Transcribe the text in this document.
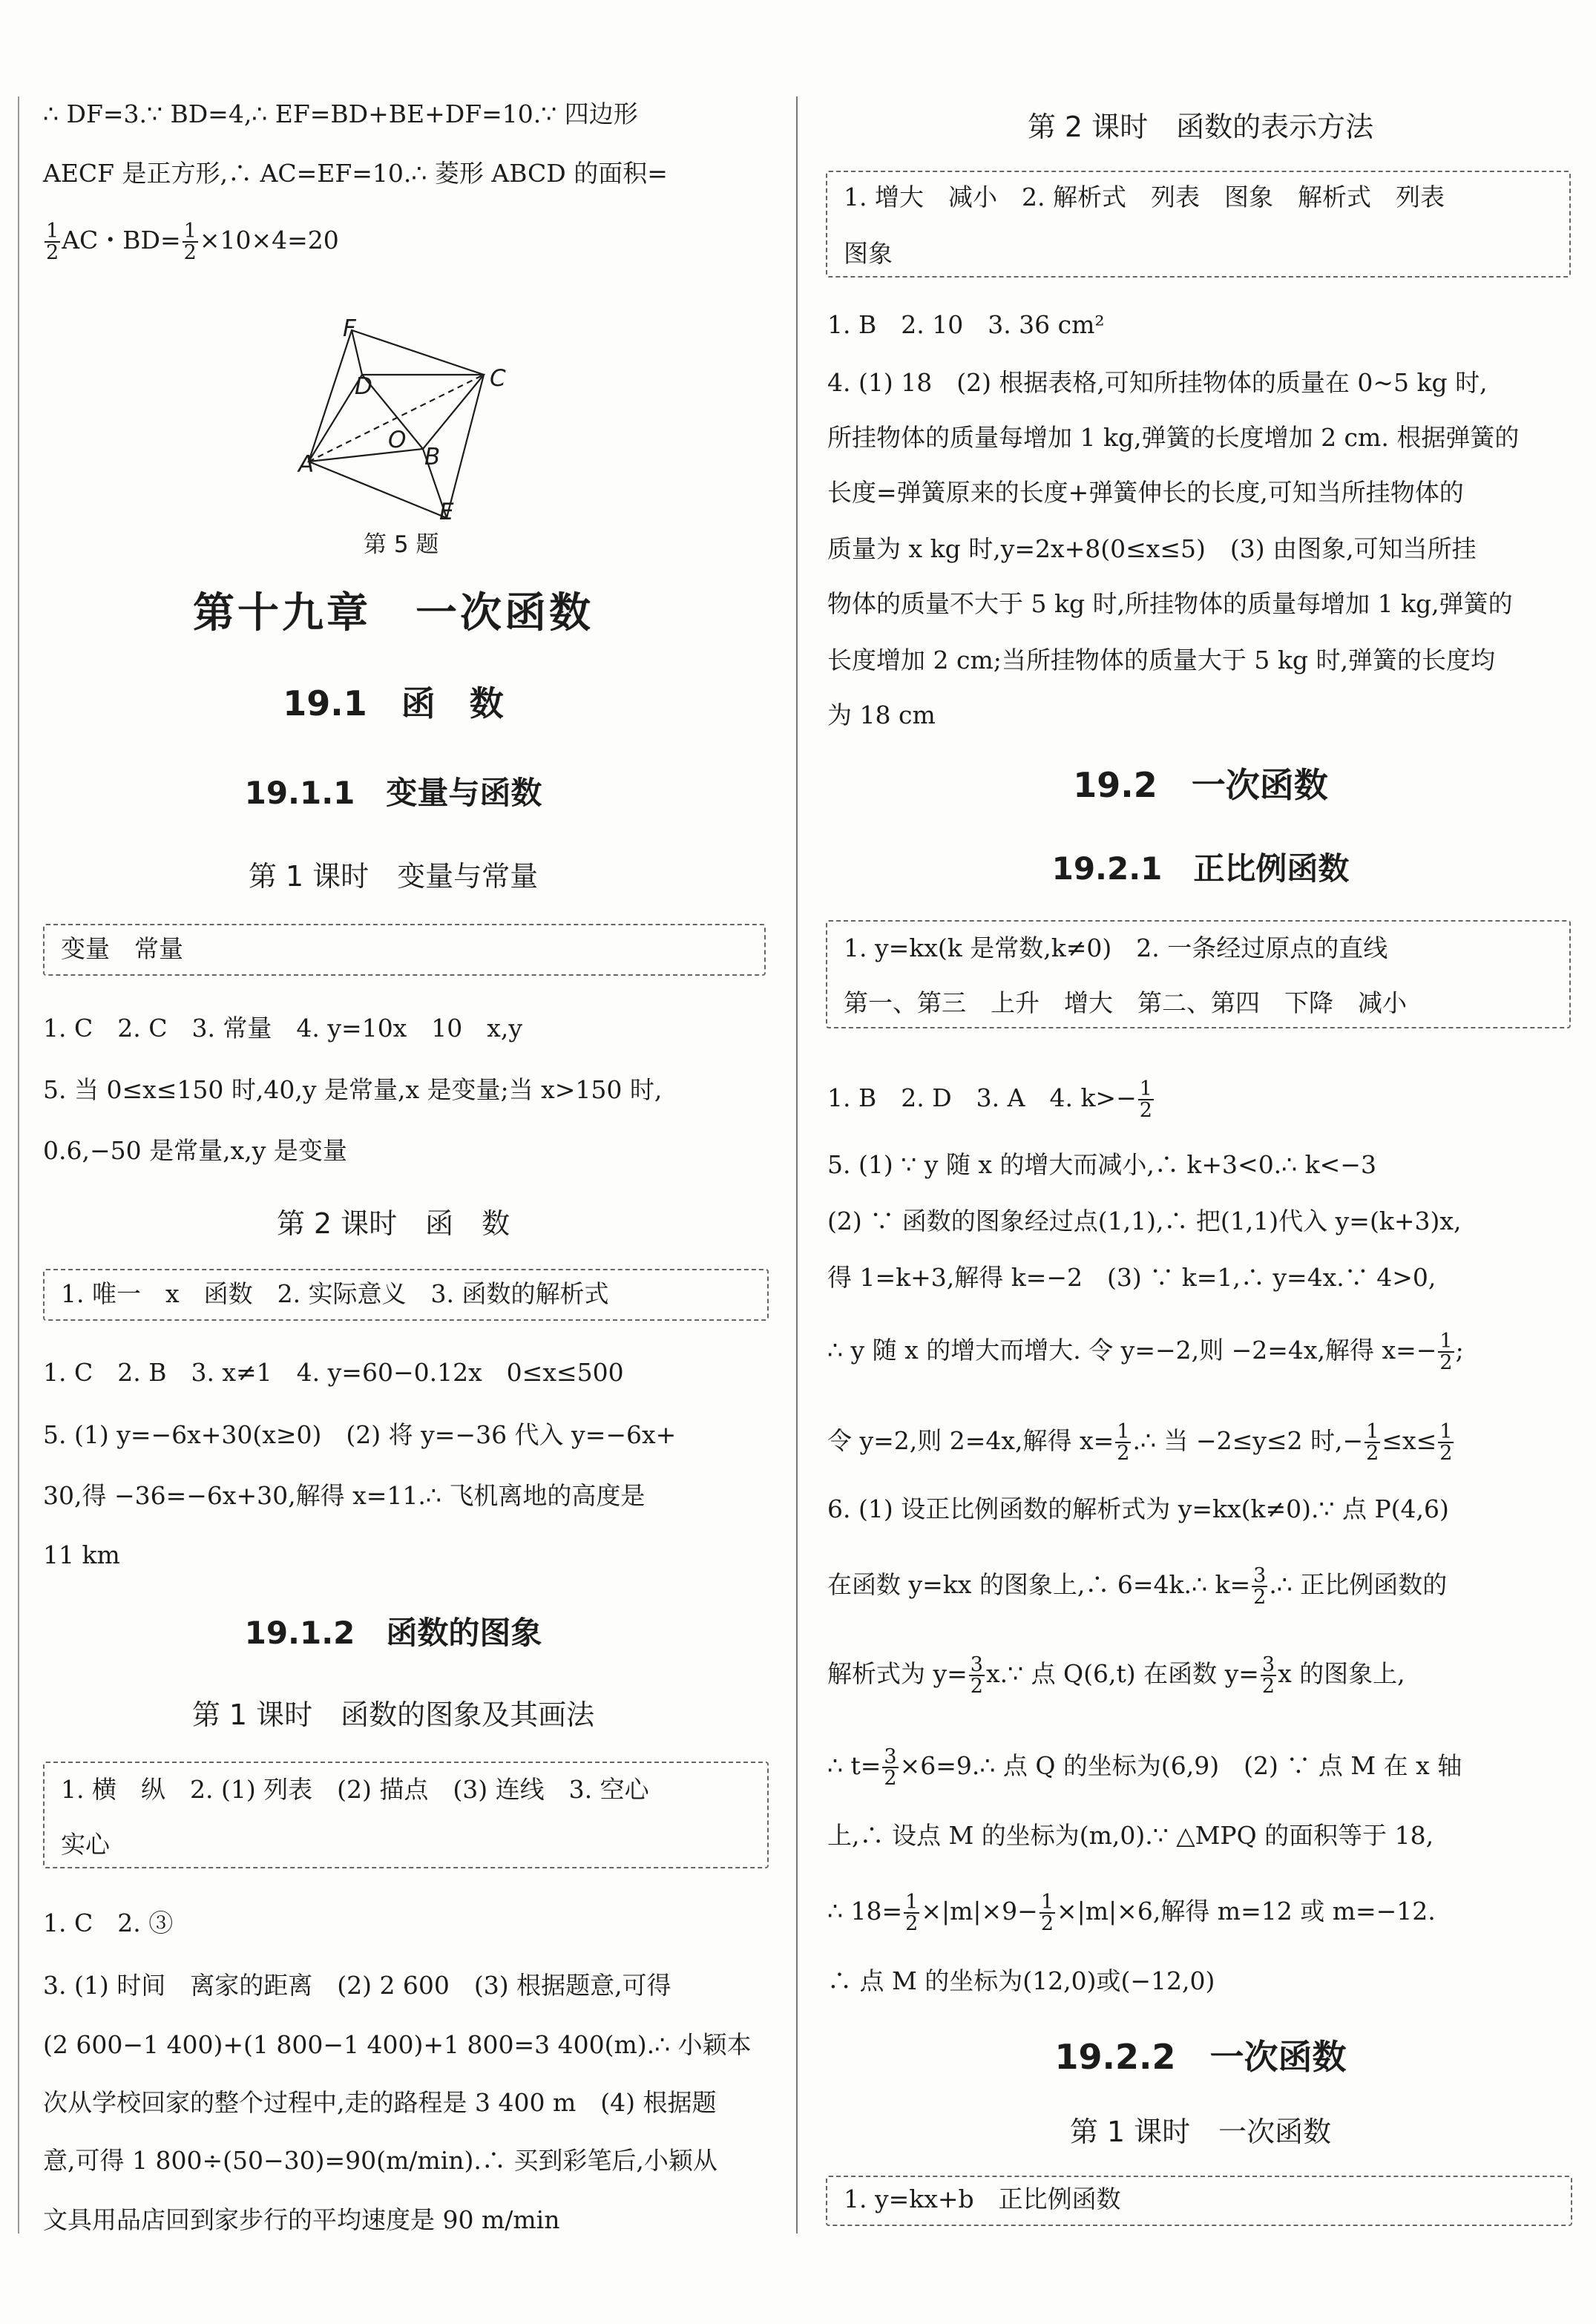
∴ DF=3.∵ BD=4,∴ EF=BD+BE+DF=10.∵ 四边形
AECF 是正方形,∴ AC=EF=10.∴ 菱形 ABCD 的面积=
$\frac{1}{2}$ AC・$BD= \frac{1}{2} \times 10\times 4=20$
F
D	C
O
A	B
E
第 5 题
第十九章　一次函数
19.1　函　数
19.1.1　变量与函数
第 1 课时　变量与常量
变量　常量
1. C　2. C　3. 常量　4. y=10x　10　x,y
5. 当 0≤x≤150 时,40,y 是常量,x 是变量;当 x>150 时,
0.6,−50 是常量,x,y 是变量
第 2 课时　函　数
1. 唯一　x　函数　2. 实际意义　3. 函数的解析式
1. C　2. B　3. x≠1　4. y=60−0.12x　0≤x≤500
5. (1) y=−6x+30(x≥0)　(2) 将 y=−36 代入 y=−6x+
30,得 −36=−6x+30,解得 x=11.∴ 飞机离地的高度是
11 km
19.1.2　函数的图象
第 1 课时　函数的图象及其画法
1. 横　纵　2. (1) 列表　(2) 描点　(3) 连线　3. 空心
实心
1. C　2. ③
3. (1) 时间　离家的距离　(2) 2 600　(3) 根据题意,可得
(2 600−1 400)+(1 800−1 400)+1 800=3 400(m).∴ 小颖本
次从学校回家的整个过程中,走的路程是 3 400 m　(4) 根据题
意,可得 1 800÷(50−30)=90(m/min).∴ 买到彩笔后,小颖从
文具用品店回到家步行的平均速度是 90 m/min
第 2 课时　函数的表示方法
1. 增大　减小　2. 解析式　列表　图象　解析式　列表
图象
1. B　2. 10　3. 36 cm²
4. (1) 18　(2) 根据表格,可知所挂物体的质量在 0∼5 kg 时,
所挂物体的质量每增加 1 kg,弹簧的长度增加 2 cm. 根据弹簧的
长度=弹簧原来的长度+弹簧伸长的长度,可知当所挂物体的
质量为 x kg 时,y=2x+8(0≤x≤5)　(3) 由图象,可知当所挂
物体的质量不大于 5 kg 时,所挂物体的质量每增加 1 kg,弹簧的
长度增加 2 cm;当所挂物体的质量大于 5 kg 时,弹簧的长度均
为 18 cm
19.2　一次函数
19.2.1　正比例函数
1. y=kx(k 是常数,k≠0)　2. 一条经过原点的直线
第一、第三　上升　增大　第二、第四　下降　减小
1. B　2. D　3. A　4. $k>- \frac{1}{2}$
5. (1) ∵ y 随 x 的增大而减小,∴ k+3<0.∴ k<−3
(2) ∵ 函数的图象经过点(1,1),∴ 把(1,1)代入 y=(k+3)x,
得 1=k+3,解得 k=−2　(3) ∵ k=1,∴ y=4x.∵ 4>0,
∴ y 随 x 的增大而增大. 令 y=−2,则 −2=4x,解得 $x=- \frac{1}{2}$ ;
令 y=2,则 2=4x,解得 $x= \frac{1}{2}$ .∴ 当 −2≤y≤2 时,− $\frac{1}{2} \le x\le \frac{1}{2}$
6. (1) 设正比例函数的解析式为 y=kx(k≠0).∵ 点 P(4,6)
在函数 y=kx 的图象上,∴ 6=4k.∴ $k= \frac{3}{2}$ .∴ 正比例函数的
解析式为 $y= \frac{3}{2}$ x.∵ 点 Q(6,t) 在函数 $y= \frac{3}{2}$ x 的图象上,
∴ $t= \frac{3}{2}$ ×6=9.∴ 点 Q 的坐标为(6,9)　(2) ∵ 点 M 在 x 轴
上,∴ 设点 M 的坐标为(m,0).∵ △MPQ 的面积等于 18,
∴ $18= \frac{1}{2} \times|m|\times 9- \frac{1}{2} \times|m|\times 6$,解得 m=12 或 m=−12.
∴ 点 M 的坐标为(12,0)或(−12,0)
19.2.2　一次函数
第 1 课时　一次函数
1. y=kx+b　正比例函数
